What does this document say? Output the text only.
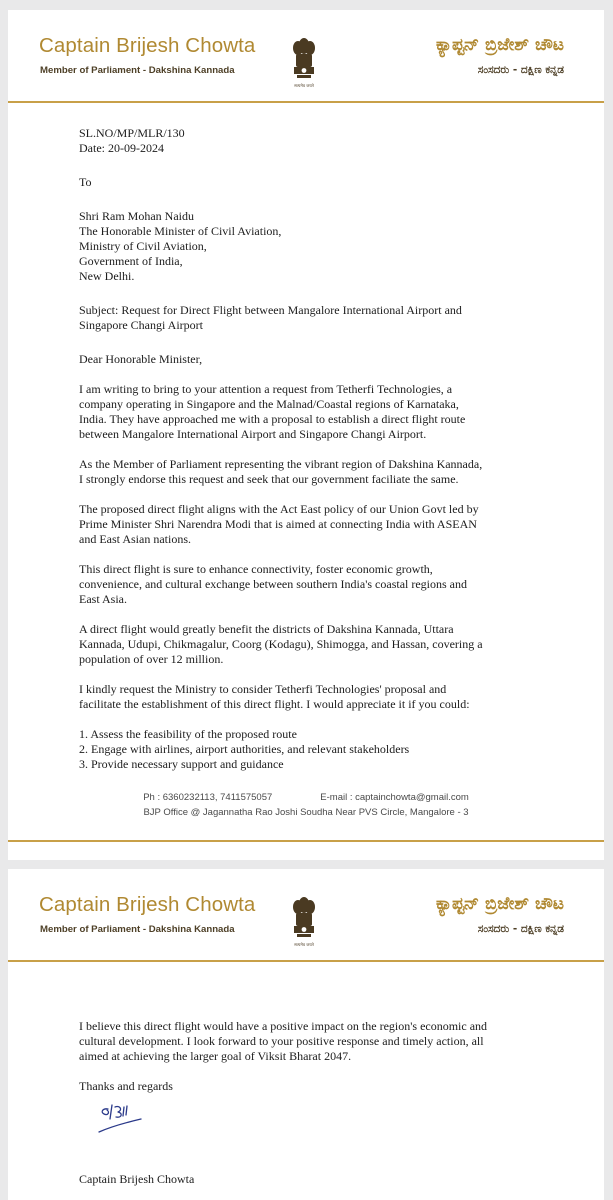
Captain Brijesh Chowta
Member of Parliament - Dakshina Kannada
सत्यमेव जयते
ಕ್ಯಾಪ್ಟನ್ ಬ್ರಿಜೇಶ್ ಚೌಟ
ಸಂಸದರು - ದಕ್ಷಿಣ ಕನ್ನಡ

SL.NO/MP/MLR/130

Date: 20-09-2024

To

Shri Ram Mohan Naidu

The Honorable Minister of Civil Aviation,

Ministry of Civil Aviation,

Government of India,

New Delhi.

Subject: Request for Direct Flight between Mangalore International Airport and

Singapore Changi Airport

Dear Honorable Minister,

I am writing to bring to your attention a request from Tetherfi Technologies, a

company operating in Singapore and the Malnad/Coastal regions of Karnataka,

India. They have approached me with a proposal to establish a direct flight route

between Mangalore International Airport and Singapore Changi Airport.

As the Member of Parliament representing the vibrant region of Dakshina Kannada,

I strongly endorse this request and seek that our government faciliate the same.

The proposed direct flight aligns with the Act East policy of our Union Govt led by

Prime Minister Shri Narendra Modi that is aimed at connecting India with ASEAN

and East Asian nations.

This direct flight is sure to enhance connectivity, foster economic growth,

convenience, and cultural exchange between southern India's coastal regions and

East Asia.

A direct flight would greatly benefit the districts of Dakshina Kannada, Uttara

Kannada, Udupi, Chikmagalur, Coorg (Kodagu), Shimogga, and Hassan, covering a

population of over 12 million.

I kindly request the Ministry to consider Tetherfi Technologies' proposal and

facilitate the establishment of this direct flight. I would appreciate it if you could:

1. Assess the feasibility of the proposed route

2. Engage with airlines, airport authorities, and relevant stakeholders

3. Provide necessary support and guidance

Ph : 6360232113, 7411575057	E-mail : captainchowta@gmail.com
BJP Office @ Jagannatha Rao Joshi Soudha Near PVS Circle, Mangalore - 3
Captain Brijesh Chowta
Member of Parliament - Dakshina Kannada
सत्यमेव जयते
ಕ್ಯಾಪ್ಟನ್ ಬ್ರಿಜೇಶ್ ಚೌಟ
ಸಂಸದರು - ದಕ್ಷಿಣ ಕನ್ನಡ

I believe this direct flight would have a positive impact on the region's economic and

cultural development. I look forward to your positive response and timely action, all

aimed at achieving the larger goal of Viksit Bharat 2047.

Thanks and regards

Captain Brijesh Chowta
